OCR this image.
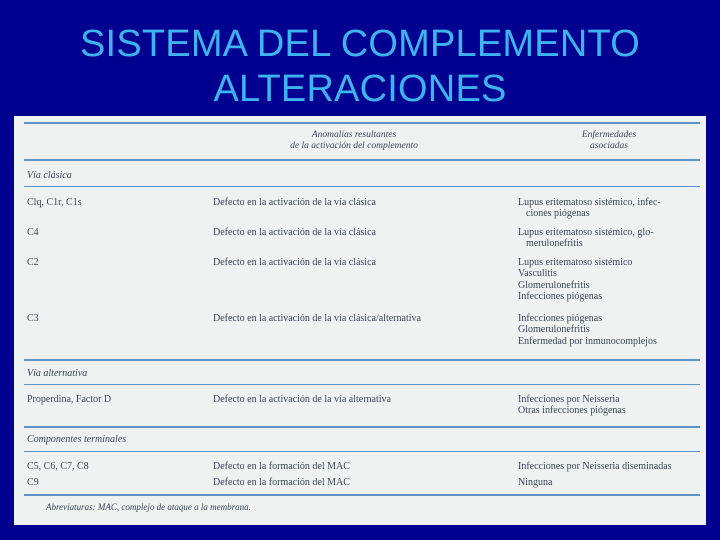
SISTEMA DEL COMPLEMENTO
ALTERACIONES
Anomalías resultantes
de la activación del complemento
Enfermedades
asociadas
Vía clásica
Clq, C1r, C1s	Defecto en la activación de la vía clásica	Lupus eritematoso sistémico, infec-
ciones piógenas
C4	Defecto en la activación de la vía clásica	Lupus eritematoso sistémico, glo-
merulonefritis
C2	Defecto en la activación de la vía clásica	Lupus eritematoso sistémico
Vasculitis
Glomerulonefritis
Infecciones piógenas
C3	Defecto en la activación de la vía clásica/alternativa	Infecciones piógenas
Glomerulonefritis
Enfermedad por inmunocomplejos
Vía alternativa
Properdina, Factor D	Defecto en la activación de la vía alternativa	Infecciones por Neisseria
Otras infecciones piógenas
Componentes terminales
C5, C6, C7, C8	Defecto en la formación del MAC	Infecciones por Neisseria diseminadas
C9	Defecto en la formación del MAC	Ninguna
Abreviaturas: MAC, complejo de ataque a la membrana.
